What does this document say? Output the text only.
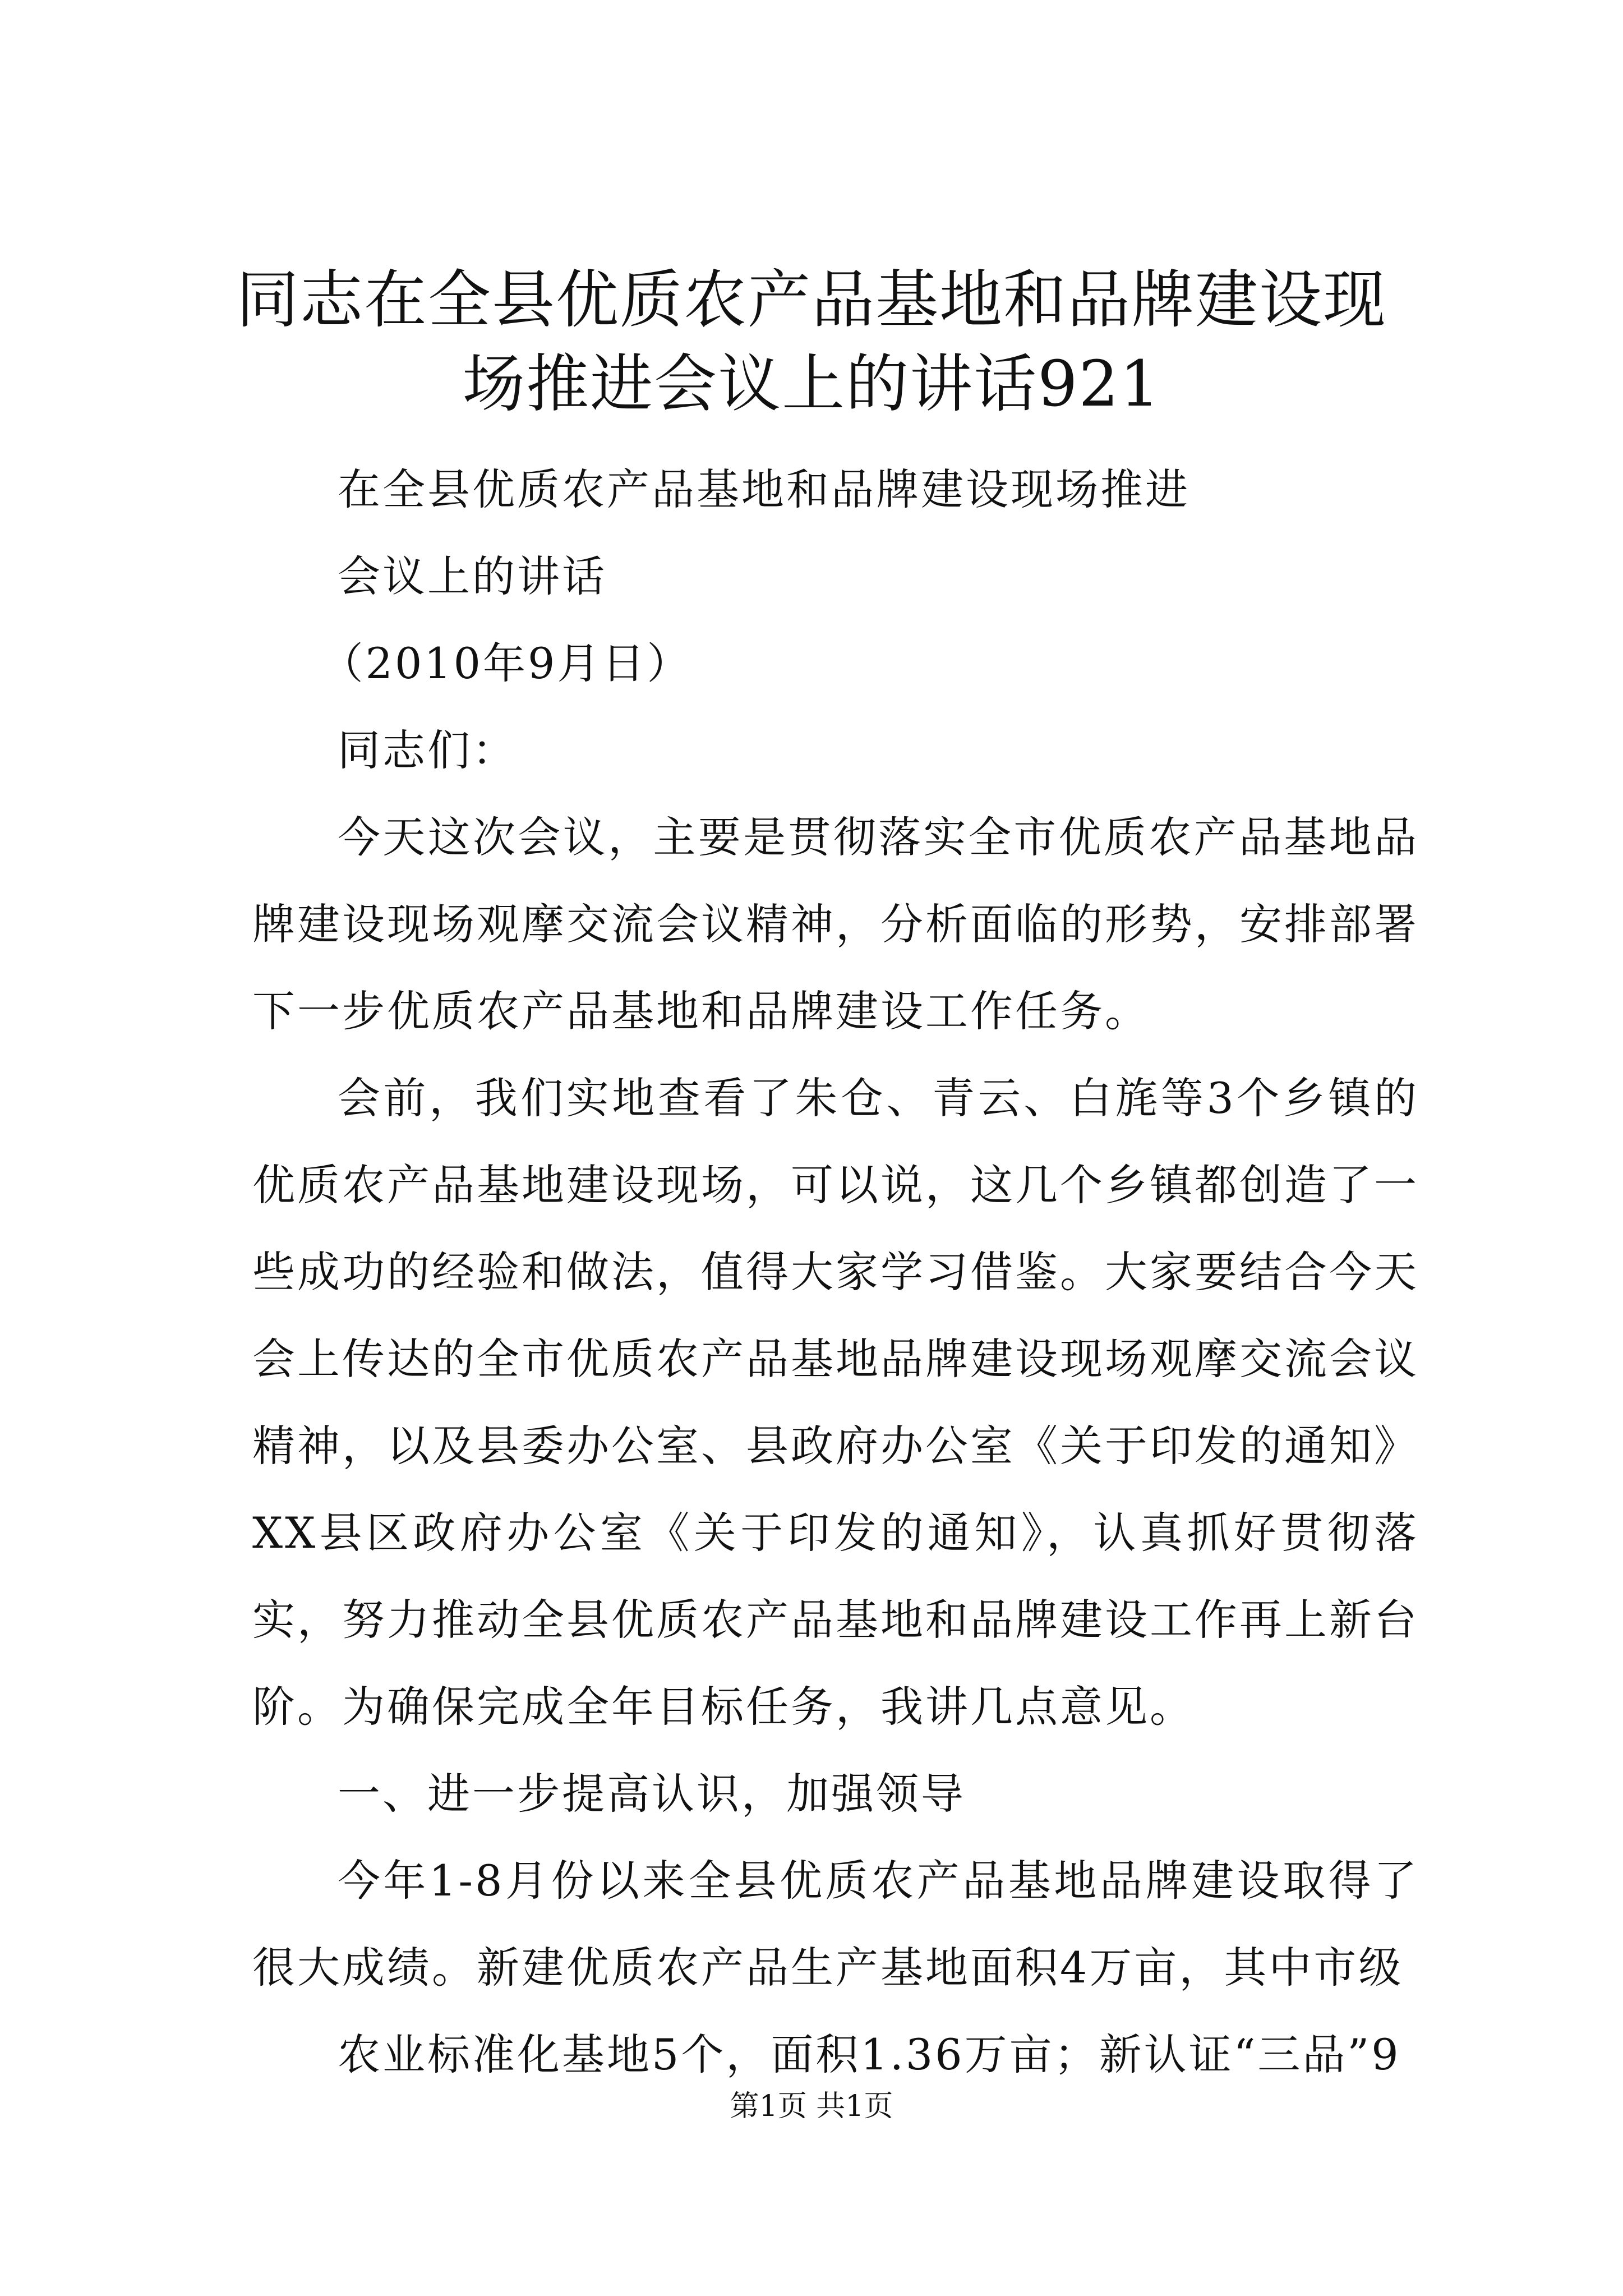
同志在全县优质农产品基地和品牌建设现场推进会议上的讲话921

在全县优质农产品基地和品牌建设现场推进

会议上的讲话

（2010年9月日）

同志们：

今天这次会议，主要是贯彻落实全市优质农产品基地品牌建设现场观摩交流会议精神，分析面临的形势，安排部署下一步优质农产品基地和品牌建设工作任务。

会前，我们实地查看了朱仓、青云、白旄等3个乡镇的优质农产品基地建设现场，可以说，这几个乡镇都创造了一些成功的经验和做法，值得大家学习借鉴。大家要结合今天会上传达的全市优质农产品基地品牌建设现场观摩交流会议精神，以及县委办公室、县政府办公室《关于印发的通知》XX县区政府办公室《关于印发的通知》，认真抓好贯彻落实，努力推动全县优质农产品基地和品牌建设工作再上新台阶。为确保完成全年目标任务，我讲几点意见。

一、进一步提高认识，加强领导

今年1-8月份以来全县优质农产品基地品牌建设取得了很大成绩。新建优质农产品生产基地面积4万亩，其中市级

农业标准化基地5个，面积1.36万亩；新认证“三品”9

第1页 共1页
